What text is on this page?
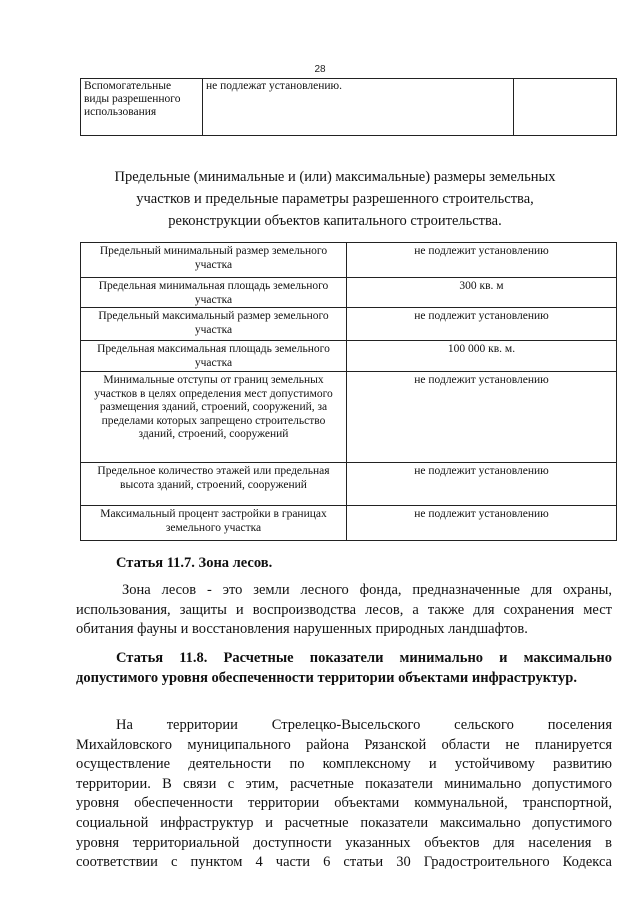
28
Вспомогательные виды разрешенного использования	не подлежат установлению.	
Предельные (минимальные и (или) максимальные) размеры земельных участков и предельные параметры разрешенного строительства, реконструкции объектов капитального строительства.
Предельный минимальный размер земельного участка	не подлежит установлению
Предельная минимальная площадь земельного участка	300 кв. м
Предельный максимальный размер земельного участка	не подлежит установлению
Предельная максимальная площадь земельного участка	100 000 кв. м.
Минимальные отступы от границ земельных участков в целях определения мест допустимого размещения зданий, строений, сооружений, за пределами которых запрещено строительство зданий, строений, сооружений	не подлежит установлению
Предельное количество этажей или предельная высота зданий, строений, сооружений	не подлежит установлению
Максимальный процент застройки в границах земельного участка	не подлежит установлению
Статья 11.7. Зона лесов.
Зона лесов - это земли лесного фонда, предназначенные для охраны, использования, защиты и воспроизводства лесов, а также для сохранения мест обитания фауны и восстановления нарушенных природных ландшафтов.
Статья 11.8. Расчетные показатели минимально и максимально допустимого уровня обеспеченности территории объектами инфраструктур.
На территории Стрелецко-Высельского сельского поселения
Михайловского муниципального района Рязанской области не планируется
осуществление деятельности по комплексному и устойчивому развитию
территории. В связи с этим, расчетные показатели минимально допустимого
уровня обеспеченности территории объектами коммунальной, транспортной,
социальной инфраструктур и расчетные показатели максимально допустимого
уровня территориальной доступности указанных объектов для населения в
соответствии с пунктом 4 части 6 статьи 30 Градостроительного Кодекса
